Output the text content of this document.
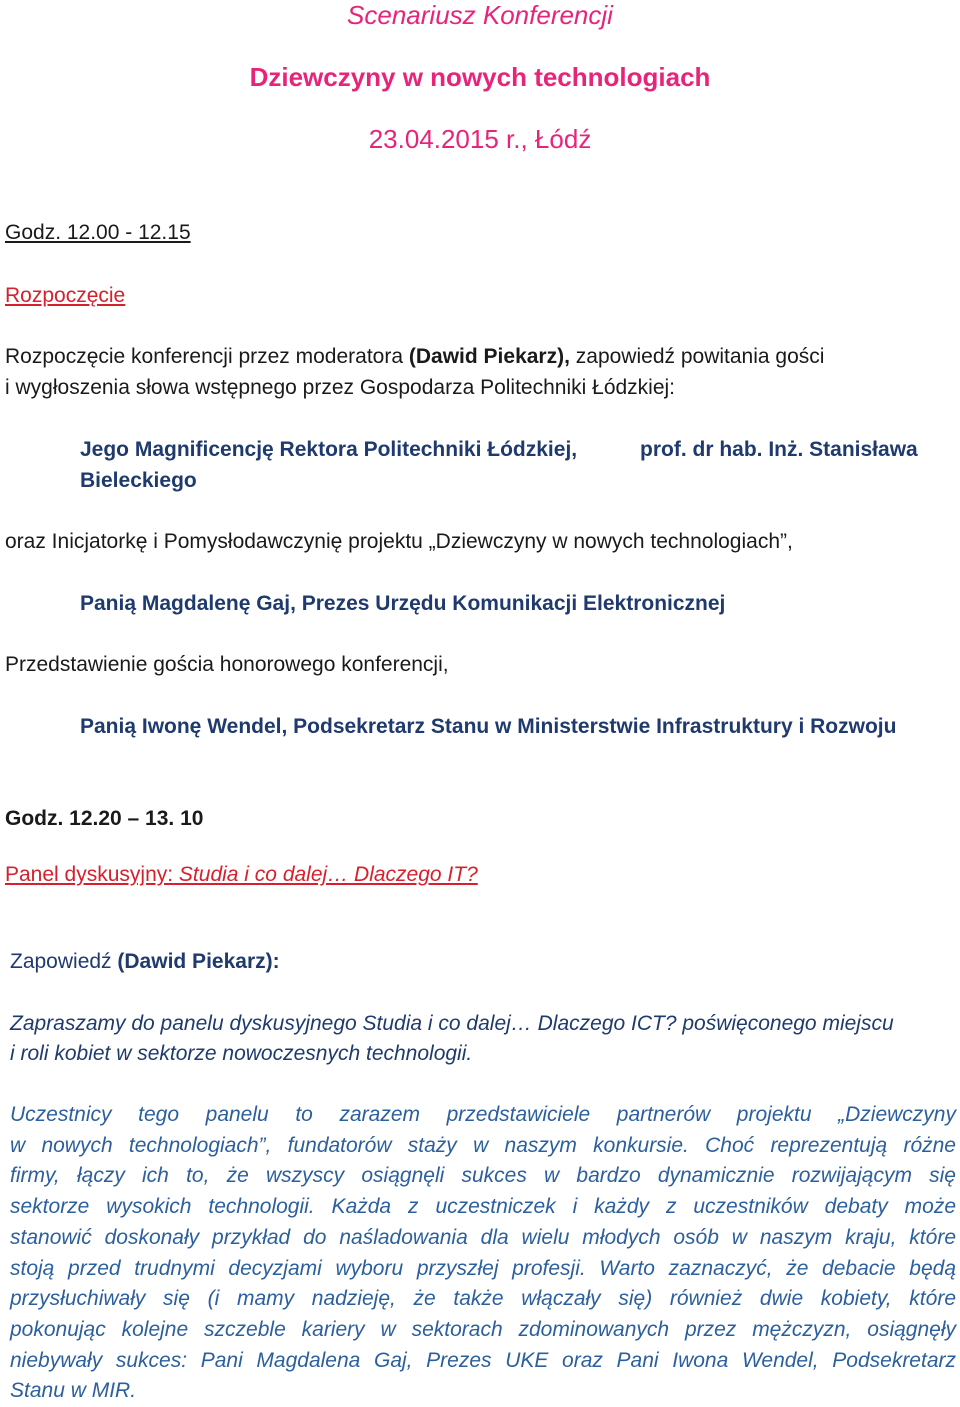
Scenariusz Konferencji
Dziewczyny w nowych technologiach
23.04.2015 r., Łódź
Godz. 12.00 - 12.15
Rozpoczęcie
Rozpoczęcie konferencji przez moderatora (Dawid Piekarz), zapowiedź powitania gości
i wygłoszenia słowa wstępnego przez Gospodarza Politechniki Łódzkiej:
Jego Magnificencję Rektora Politechniki Łódzkiej,	prof. dr hab. Inż. Stanisława
Bieleckiego
oraz Inicjatorkę i Pomysłodawczynię projektu „Dziewczyny w nowych technologiach”,
Panią Magdalenę Gaj, Prezes Urzędu Komunikacji Elektronicznej
Przedstawienie gościa honorowego konferencji,
Panią Iwonę Wendel, Podsekretarz Stanu w Ministerstwie Infrastruktury i Rozwoju
Godz. 12.20 – 13. 10
Panel dyskusyjny: Studia i co dalej… Dlaczego IT?
Zapowiedź (Dawid Piekarz):
Zapraszamy do panelu dyskusyjnego Studia i co dalej… Dlaczego ICT? poświęconego miejscu
i roli kobiet w sektorze nowoczesnych technologii.
Uczestnicy tego panelu to zarazem przedstawiciele partnerów projektu „Dziewczyny
w nowych technologiach”, fundatorów staży w naszym konkursie. Choć reprezentują różne
firmy, łączy ich to, że wszyscy osiągnęli sukces w bardzo dynamicznie rozwijającym się
sektorze wysokich technologii. Każda z uczestniczek i każdy z uczestników debaty może
stanowić doskonały przykład do naśladowania dla wielu młodych osób w naszym kraju, które
stoją przed trudnymi decyzjami wyboru przyszłej profesji. Warto zaznaczyć, że debacie będą
przysłuchiwały się (i mamy nadzieję, że także włączały się) również dwie kobiety, które
pokonując kolejne szczeble kariery w sektorach zdominowanych przez mężczyzn, osiągnęły
niebywały sukces: Pani Magdalena Gaj, Prezes UKE oraz Pani Iwona Wendel, Podsekretarz
Stanu w MIR.
